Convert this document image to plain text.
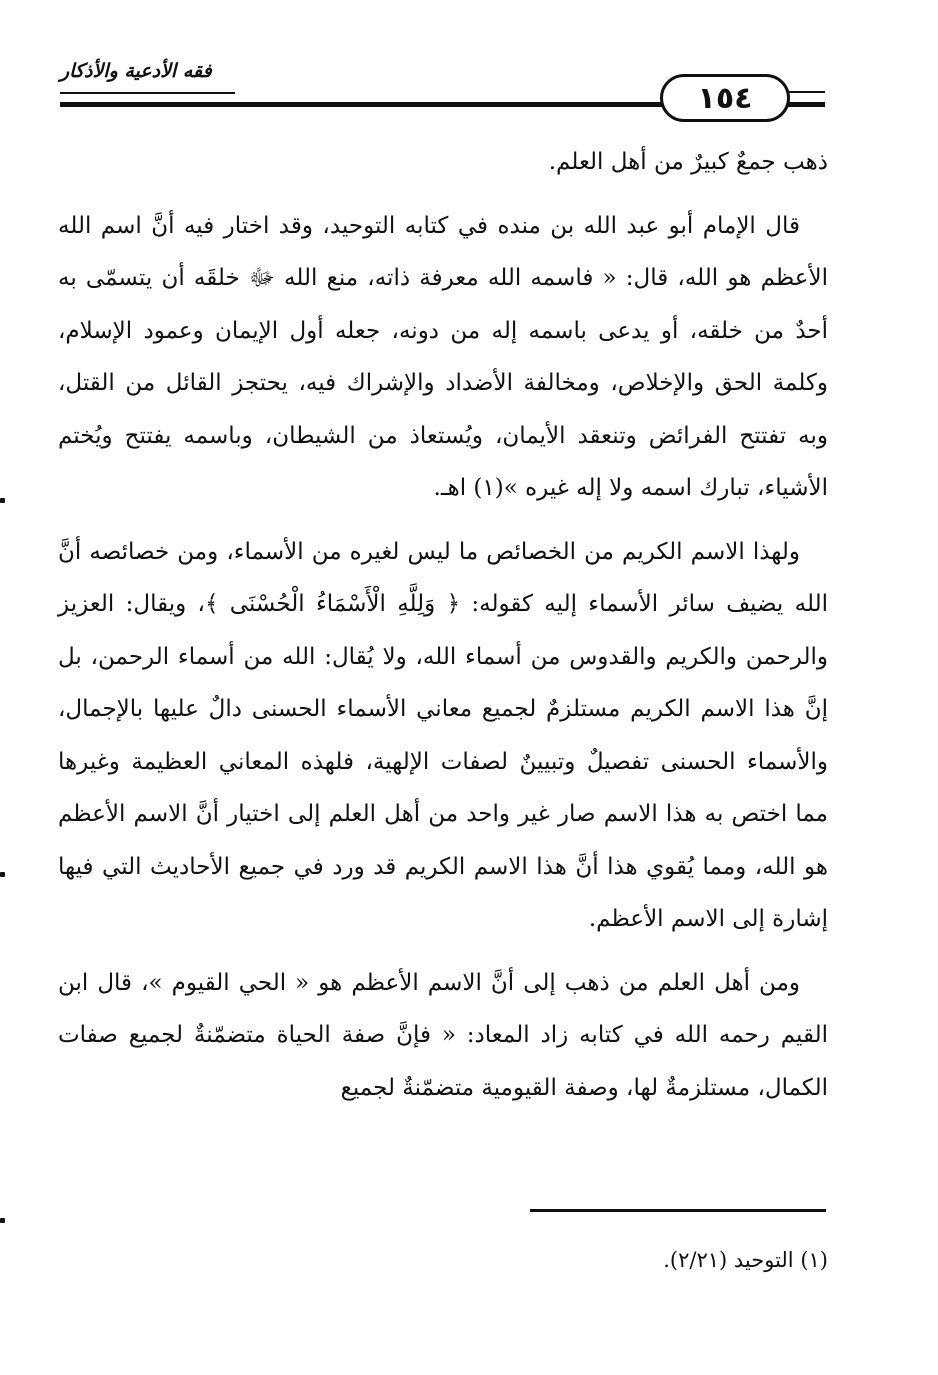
فقه الأدعية والأذكار
١٥٤

ذهب جمعٌ كبيرٌ من أهل العلم.

قال الإمام أبو عبد الله بن منده في كتابه التوحيد، وقد اختار فيه أنَّ اسم الله الأعظم هو الله، قال: « فاسمه الله معرفة ذاته، منع الله ﷻ خلقَه أن يتسمّى به أحدٌ من خلقه، أو يدعى باسمه إله من دونه، جعله أول الإيمان وعمود الإسلام، وكلمة الحق والإخلاص، ومخالفة الأضداد والإشراك فيه، يحتجز القائل من القتل، وبه تفتتح الفرائض وتنعقد الأيمان، ويُستعاذ من الشيطان، وباسمه يفتتح ويُختم الأشياء، تبارك اسمه ولا إله غيره »(١) اهـ.

ولهذا الاسم الكريم من الخصائص ما ليس لغيره من الأسماء، ومن خصائصه أنَّ الله يضيف سائر الأسماء إليه كقوله: ﴿ وَلِلَّهِ الْأَسْمَاءُ الْحُسْنَى ﴾، ويقال: العزيز والرحمن والكريم والقدوس من أسماء الله، ولا يُقال: الله من أسماء الرحمن، بل إنَّ هذا الاسم الكريم مستلزمٌ لجميع معاني الأسماء الحسنى دالٌ عليها بالإجمال، والأسماء الحسنى تفصيلٌ وتبيينٌ لصفات الإلهية، فلهذه المعاني العظيمة وغيرها مما اختص به هذا الاسم صار غير واحد من أهل العلم إلى اختيار أنَّ الاسم الأعظم هو الله، ومما يُقوي هذا أنَّ هذا الاسم الكريم قد ورد في جميع الأحاديث التي فيها إشارة إلى الاسم الأعظم.

ومن أهل العلم من ذهب إلى أنَّ الاسم الأعظم هو « الحي القيوم »، قال ابن القيم رحمه الله في كتابه زاد المعاد: « فإنَّ صفة الحياة متضمّنةٌ لجميع صفات الكمال، مستلزمةٌ لها، وصفة القيومية متضمّنةٌ لجميع

(١) التوحيد (٢/٢١).
